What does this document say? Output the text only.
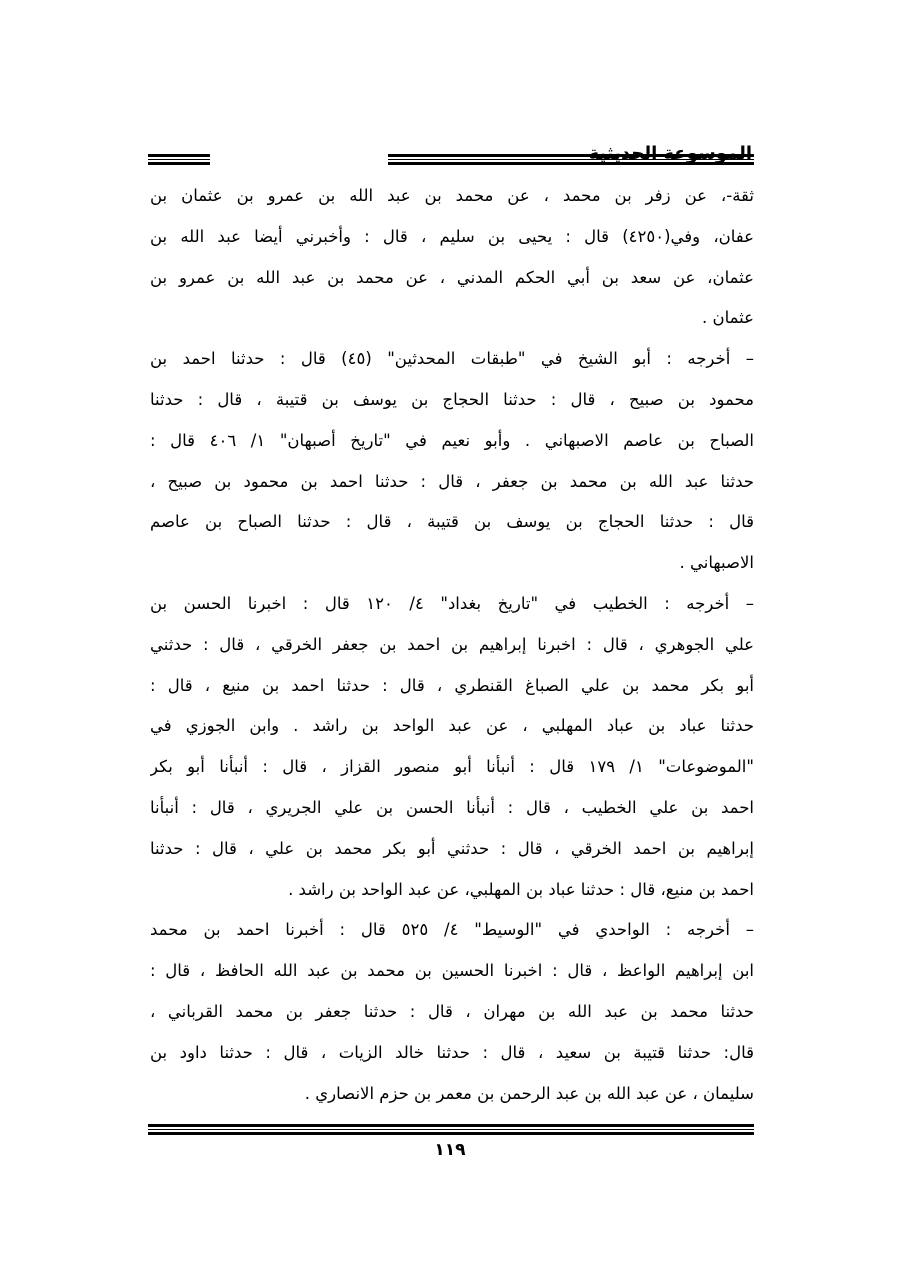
الموسوعة الحديثية
ثقة-، عن زفر بن محمد ، عن محمد بن عبد الله بن عمرو بن عثمان بن
عفان، وفي(٤٢٥٠) قال : يحيى بن سليم ، قال : وأخبرني أيضا عبد الله بن
عثمان، عن سعد بن أبي الحكم المدني ، عن محمد بن عبد الله بن عمرو بن
عثمان .
– أخرجه : أبو الشيخ في "طبقات المحدثين" (٤٥) قال : حدثنا احمد بن
محمود بن صبيح ، قال : حدثنا الحجاج بن يوسف بن قتيبة ، قال : حدثنا
الصباح بن عاصم الاصبهاني . وأبو نعيم في "تاريخ أصبهان" ١/ ٤٠٦ قال :
حدثنا عبد الله بن محمد بن جعفر ، قال : حدثنا احمد بن محمود بن صبيح ،
قال : حدثنا الحجاج بن يوسف بن قتيبة ، قال : حدثنا الصباح بن عاصم
الاصبهاني .
– أخرجه : الخطيب في "تاريخ بغداد" ٤/ ١٢٠ قال : اخبرنا الحسن بن
علي الجوهري ، قال : اخبرنا إبراهيم بن احمد بن جعفر الخرقي ، قال : حدثني
أبو بكر محمد بن علي الصباغ القنطري ، قال : حدثنا احمد بن منيع ، قال :
حدثنا عباد بن عباد المهلبي ، عن عبد الواحد بن راشد . وابن الجوزي في
"الموضوعات" ١/ ١٧٩ قال : أنبأنا أبو منصور القزاز ، قال : أنبأنا أبو بكر
احمد بن علي الخطيب ، قال : أنبأنا الحسن بن علي الجريري ، قال : أنبأنا
إبراهيم بن احمد الخرقي ، قال : حدثني أبو بكر محمد بن علي ، قال : حدثنا
احمد بن منيع، قال : حدثنا عباد بن المهلبي، عن عبد الواحد بن راشد .
– أخرجه : الواحدي في "الوسيط" ٤/ ٥٢٥ قال : أخبرنا احمد بن محمد
ابن إبراهيم الواعظ ، قال : اخبرنا الحسين بن محمد بن عبد الله الحافظ ، قال :
حدثنا محمد بن عبد الله بن مهران ، قال : حدثنا جعفر بن محمد القرباني ،
قال: حدثنا قتيبة بن سعيد ، قال : حدثنا خالد الزيات ، قال : حدثنا داود بن
سليمان ، عن عبد الله بن عبد الرحمن بن معمر بن حزم الانصاري .
١١٩
